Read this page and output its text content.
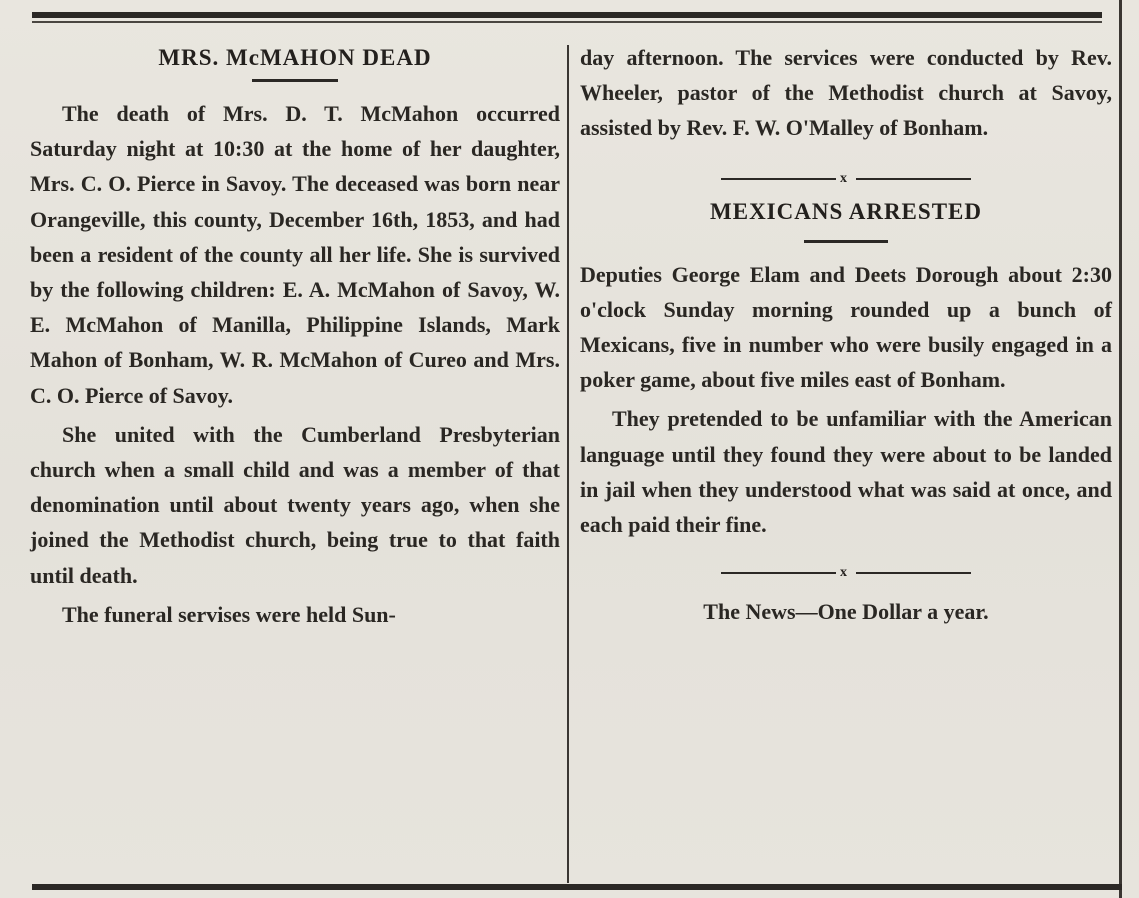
MRS. McMAHON DEAD

The death of Mrs. D. T. McMahon occurred Saturday night at 10:30 at the home of her daughter, Mrs. C. O. Pierce in Savoy. The deceased was born near Orangeville, this county, December 16th, 1853, and had been a resident of the county all her life. She is survived by the following children: E. A. McMahon of Savoy, W. E. McMahon of Manilla, Philippine Islands, Mark Mahon of Bonham, W. R. McMahon of Cureo and Mrs. C. O. Pierce of Savoy.

She united with the Cumberland Presbyterian church when a small child and was a member of that denomination until about twenty years ago, when she joined the Methodist church, being true to that faith until death.

The funeral servises were held Sun-

day afternoon. The services were conducted by Rev. Wheeler, pastor of the Methodist church at Savoy, assisted by Rev. F. W. O'Malley of Bonham.

x
MEXICANS ARRESTED

Deputies George Elam and Deets Dorough about 2:30 o'clock Sunday morning rounded up a bunch of Mexicans, five in number who were busily engaged in a poker game, about five miles east of Bonham.

They pretended to be unfamiliar with the American language until they found they were about to be landed in jail when they understood what was said at once, and each paid their fine.

x

The News—One Dollar a year.
